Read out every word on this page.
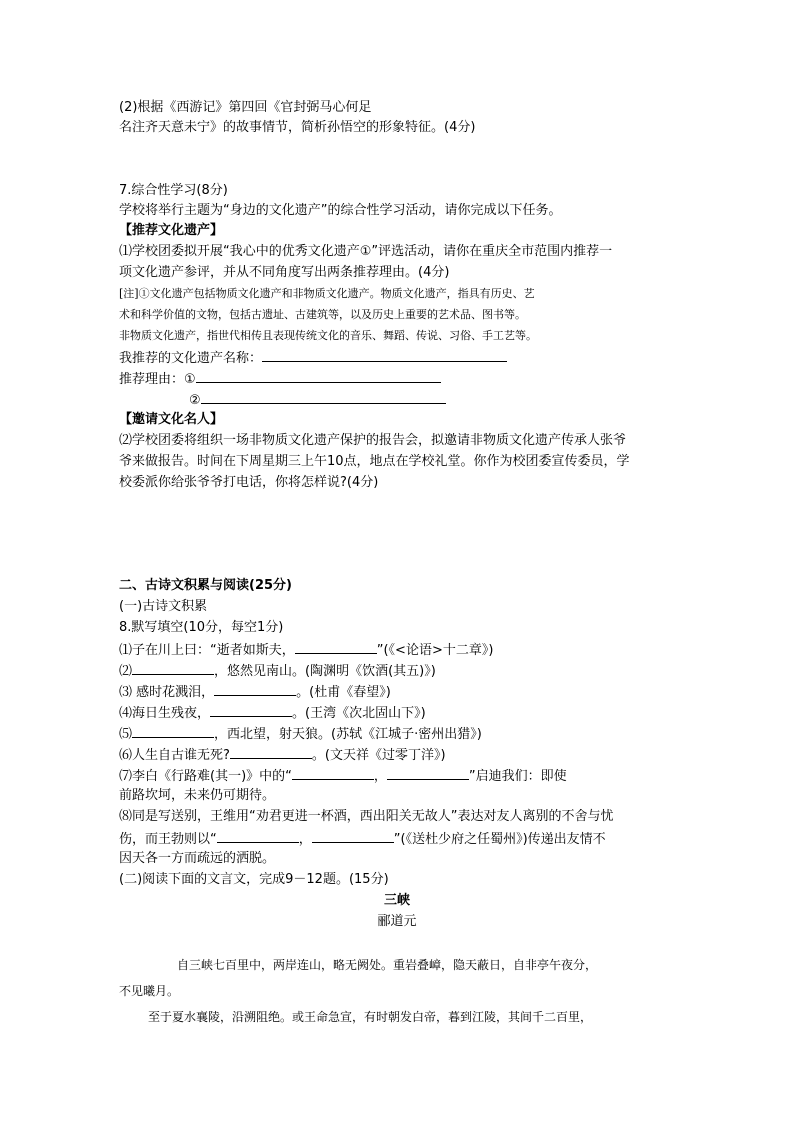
(2)根据《西游记》第四回《官封弼马心何足
名注齐天意未宁》的故事情节，简析孙悟空的形象特征。(4分)
7.综合性学习(8分)
学校将举行主题为“身边的文化遗产”的综合性学习活动，请你完成以下任务。
【推荐文化遗产】
⑴学校团委拟开展“我心中的优秀文化遗产①”评选活动，请你在重庆全市范围内推荐一
项文化遗产参评，并从不同角度写出两条推荐理由。(4分)
[注]①文化遗产包括物质文化遗产和非物质文化遗产。物质文化遗产，指具有历史、艺
术和科学价值的文物，包括古遗址、古建筑等，以及历史上重要的艺术品、图书等。
非物质文化遗产，指世代相传且表现传统文化的音乐、舞蹈、传说、习俗、手工艺等。
我推荐的文化遗产名称：
推荐理由：①
②
【邀请文化名人】
⑵学校团委将组织一场非物质文化遗产保护的报告会，拟邀请非物质文化遗产传承人张爷
爷来做报告。时间在下周星期三上午10点，地点在学校礼堂。你作为校团委宣传委员，学
校委派你给张爷爷打电话，你将怎样说?(4分)
二、古诗文积累与阅读(25分)
(一)古诗文积累
8.默写填空(10分，每空1分)
⑴子在川上曰：“逝者如斯夫，	”(《<论语>十二章》)
⑵	，悠然见南山。(陶渊明《饮酒(其五)》)
⑶ 感时花溅泪，	。(杜甫《春望》)
⑷海日生残夜，	。(王湾《次北固山下》)
⑸	，西北望，射天狼。(苏轼《江城子·密州出猎》)
⑹人生自古谁无死?	。(文天祥《过零丁洋》)
⑺李白《行路难(其一)》中的“	，	”启迪我们：即使
前路坎坷，未来仍可期待。
⑻同是写送别，王维用“劝君更进一杯酒，西出阳关无故人”表达对友人离别的不舍与忧
伤，而王勃则以“	，	”(《送杜少府之任蜀州》)传递出友情不
因天各一方而疏远的洒脱。
(二)阅读下面的文言文，完成9－12题。(15分)
三峡
郦道元
自三峡七百里中，两岸连山，略无阙处。重岩叠嶂，隐天蔽日，自非亭午夜分，
不见曦月。
至于夏水襄陵，沿溯阻绝。或王命急宣，有时朝发白帝，暮到江陵，其间千二百里，
